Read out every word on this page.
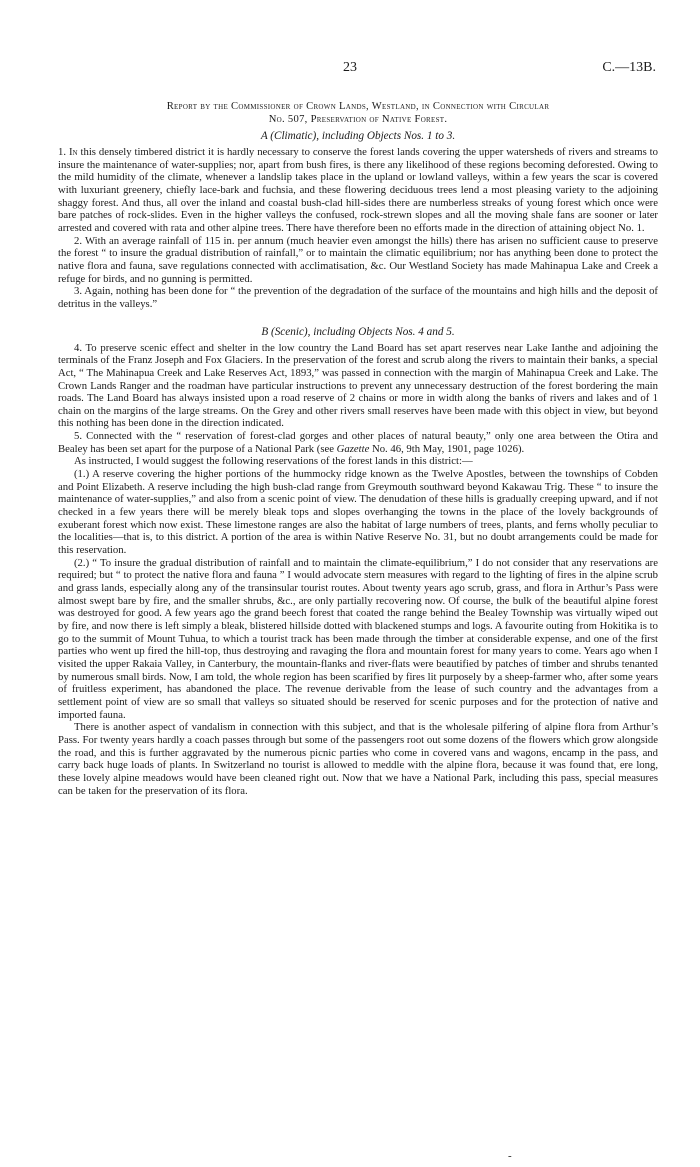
23	C.—13B.
Report by the Commissioner of Crown Lands, Westland, in Connection with Circular
No. 507, Preservation of Native Forest.
A (Climatic), including Objects Nos. 1 to 3.

1. In this densely timbered district it is hardly necessary to conserve the forest lands covering the upper watersheds of rivers and streams to insure the maintenance of water-supplies; nor, apart from bush fires, is there any likelihood of these regions becoming deforested. Owing to the mild humidity of the climate, whenever a landslip takes place in the upland or lowland valleys, within a few years the scar is covered with luxuriant greenery, chiefly lace-bark and fuchsia, and these flowering deciduous trees lend a most pleasing variety to the adjoining shaggy forest. And thus, all over the inland and coastal bush-clad hill-sides there are numberless streaks of young forest which once were bare patches of rock-slides. Even in the higher valleys the confused, rock-strewn slopes and all the moving shale fans are sooner or later arrested and covered with rata and other alpine trees. There have therefore been no efforts made in the direction of attaining object No. 1.

2. With an average rainfall of 115 in. per annum (much heavier even amongst the hills) there has arisen no sufficient cause to preserve the forest “ to insure the gradual distribution of rainfall,” or to maintain the climatic equilibrium; nor has anything been done to protect the native flora and fauna, save regulations connected with acclimatisation, &c. Our Westland Society has made Mahinapua Lake and Creek a refuge for birds, and no gunning is permitted.

3. Again, nothing has been done for “ the prevention of the degradation of the surface of the mountains and high hills and the deposit of detritus in the valleys.”

B (Scenic), including Objects Nos. 4 and 5.

4. To preserve scenic effect and shelter in the low country the Land Board has set apart reserves near Lake Ianthe and adjoining the terminals of the Franz Joseph and Fox Glaciers. In the preservation of the forest and scrub along the rivers to maintain their banks, a special Act, “ The Mahinapua Creek and Lake Reserves Act, 1893,” was passed in connection with the margin of Mahinapua Creek and Lake. The Crown Lands Ranger and the roadman have particular instructions to prevent any unnecessary destruction of the forest bordering the main roads. The Land Board has always insisted upon a road reserve of 2 chains or more in width along the banks of rivers and lakes and of 1 chain on the margins of the large streams. On the Grey and other rivers small reserves have been made with this object in view, but beyond this nothing has been done in the direction indicated.

5. Connected with the “ reservation of forest-clad gorges and other places of natural beauty,” only one area between the Otira and Bealey has been set apart for the purpose of a National Park (see Gazette No. 46, 9th May, 1901, page 1026).

As instructed, I would suggest the following reservations of the forest lands in this district:—

(1.) A reserve covering the higher portions of the hummocky ridge known as the Twelve Apostles, between the townships of Cobden and Point Elizabeth. A reserve including the high bush-clad range from Greymouth southward beyond Kakawau Trig. These “ to insure the maintenance of water-supplies,” and also from a scenic point of view. The denudation of these hills is gradually creeping upward, and if not checked in a few years there will be merely bleak tops and slopes overhanging the towns in the place of the lovely backgrounds of exuberant forest which now exist. These limestone ranges are also the habitat of large numbers of trees, plants, and ferns wholly peculiar to the localities—that is, to this district. A portion of the area is within Native Reserve No. 31, but no doubt arrangements could be made for this reservation.

(2.) “ To insure the gradual distribution of rainfall and to maintain the climate-equilibrium,” I do not consider that any reservations are required; but “ to protect the native flora and fauna ” I would advocate stern measures with regard to the lighting of fires in the alpine scrub and grass lands, especially along any of the transinsular tourist routes. About twenty years ago scrub, grass, and flora in Arthur’s Pass were almost swept bare by fire, and the smaller shrubs, &c., are only partially recovering now. Of course, the bulk of the beautiful alpine forest was destroyed for good. A few years ago the grand beech forest that coated the range behind the Bealey Township was virtually wiped out by fire, and now there is left simply a bleak, blistered hillside dotted with blackened stumps and logs. A favourite outing from Hokitika is to go to the summit of Mount Tuhua, to which a tourist track has been made through the timber at considerable expense, and one of the first parties who went up fired the hill-top, thus destroying and ravaging the flora and mountain forest for many years to come. Years ago when I visited the upper Rakaia Valley, in Canterbury, the mountain-flanks and river-flats were beautified by patches of timber and shrubs tenanted by numerous small birds. Now, I am told, the whole region has been scarified by fires lit purposely by a sheep-farmer who, after some years of fruitless experiment, has abandoned the place. The revenue derivable from the lease of such country and the advantages from a settlement point of view are so small that valleys so situated should be reserved for scenic purposes and for the protection of native and imported fauna.

There is another aspect of vandalism in connection with this subject, and that is the wholesale pilfering of alpine flora from Arthur’s Pass. For twenty years hardly a coach passes through but some of the passengers root out some dozens of the flowers which grow alongside the road, and this is further aggravated by the numerous picnic parties who come in covered vans and wagons, encamp in the pass, and carry back huge loads of plants. In Switzerland no tourist is allowed to meddle with the alpine flora, because it was found that, ere long, these lovely alpine meadows would have been cleaned right out. Now that we have a National Park, including this pass, special measures can be taken for the preservation of its flora.

-
